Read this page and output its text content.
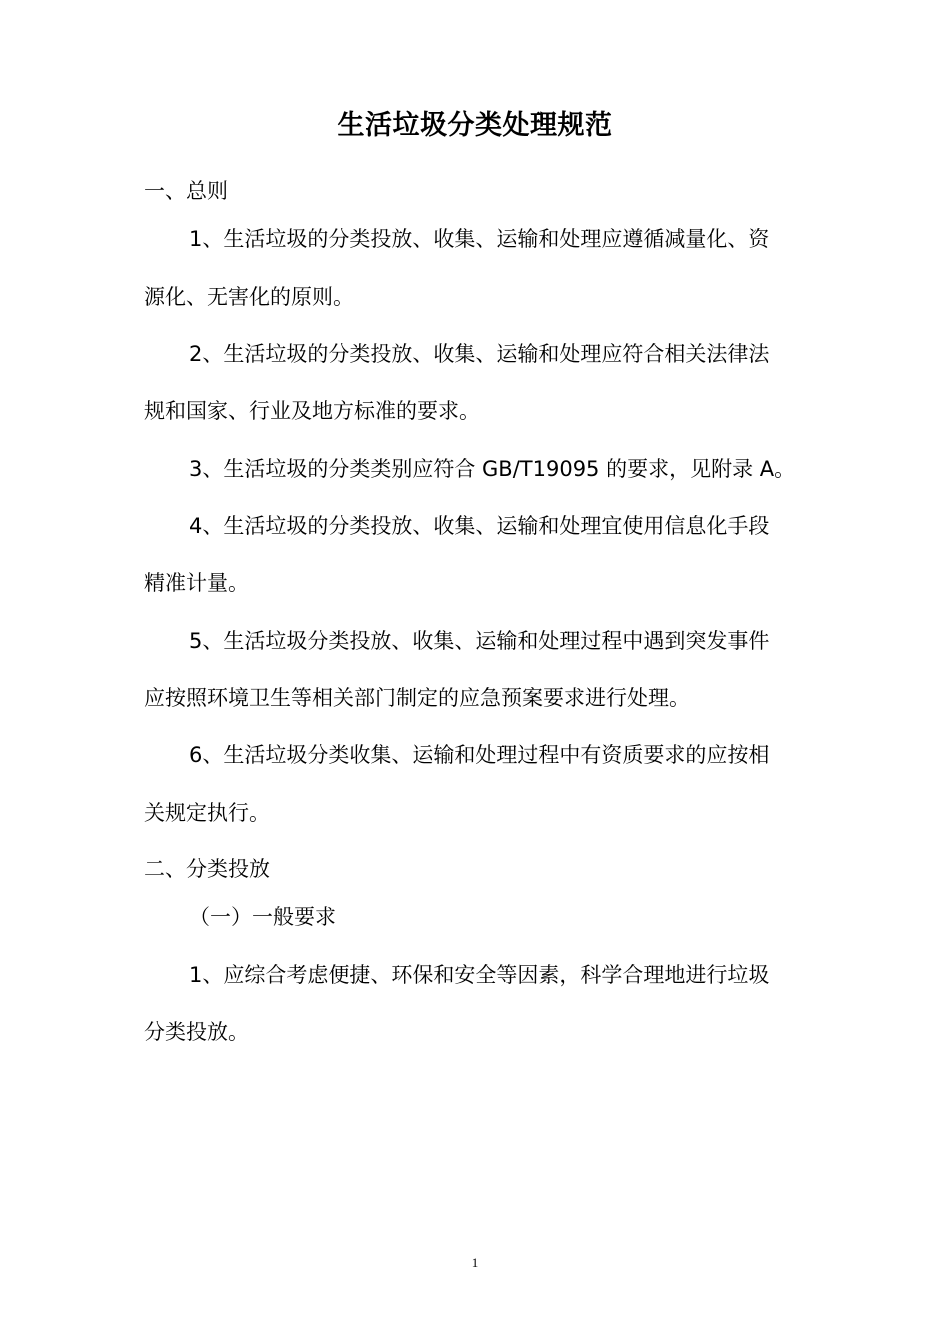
生活垃圾分类处理规范
一、总则
1、生活垃圾的分类投放、收集、运输和处理应遵循减量化、资
源化、无害化的原则。
2、生活垃圾的分类投放、收集、运输和处理应符合相关法律法
规和国家、行业及地方标准的要求。
3、生活垃圾的分类类别应符合 GB/T19095 的要求，见附录 A。
4、生活垃圾的分类投放、收集、运输和处理宜使用信息化手段
精准计量。
5、生活垃圾分类投放、收集、运输和处理过程中遇到突发事件
应按照环境卫生等相关部门制定的应急预案要求进行处理。
6、生活垃圾分类收集、运输和处理过程中有资质要求的应按相
关规定执行。
二、分类投放
（一）一般要求
1、应综合考虑便捷、环保和安全等因素，科学合理地进行垃圾
分类投放。
1
